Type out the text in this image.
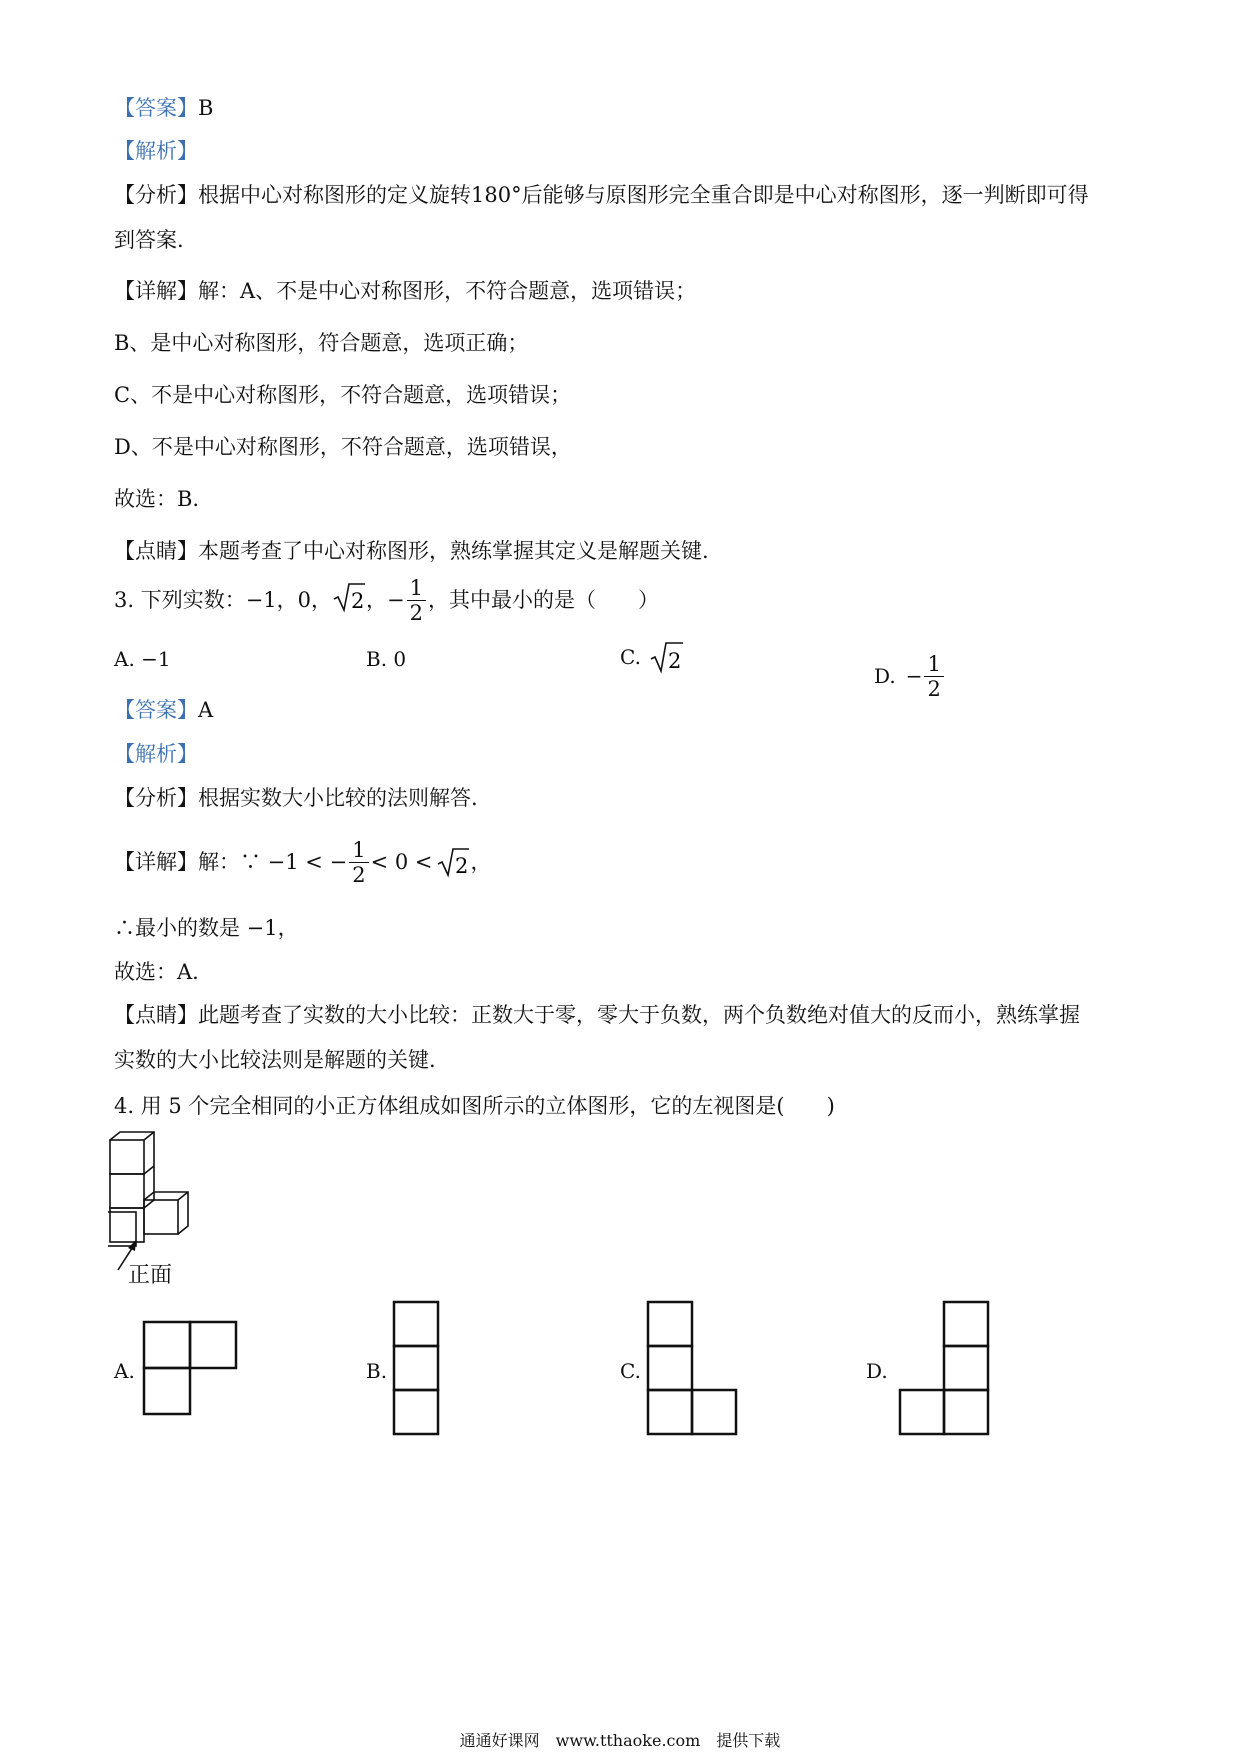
【答案】B
【解析】
【分析】根据中心对称图形的定义旋转180°后能够与原图形完全重合即是中心对称图形，逐一判断即可得
到答案.
【详解】解：A、不是中心对称图形，不符合题意，选项错误；
B、是中心对称图形，符合题意，选项正确；
C、不是中心对称图形，不符合题意，选项错误；
D、不是中心对称图形，不符合题意，选项错误，
故选：B.
【点睛】本题考查了中心对称图形，熟练掌握其定义是解题关键.
3. 下列实数：−1，0， 2 ，− $\frac{1}{2}$ ，其中最小的是（　　）
A. −1	B. 0	C. 2
D. − $\frac{1}{2}$
【答案】A
【解析】
【分析】根据实数大小比较的法则解答.
【详解】 解：∵ −1 < − $\frac{1}{2} < 0 < 2$ ，
∴最小的数是 −1，
故选：A.
【点睛】此题考查了实数的大小比较：正数大于零，零大于负数，两个负数绝对值大的反而小，熟练掌握
实数的大小比较法则是解题的关键.
4. 用 5 个完全相同的小正方体组成如图所示的立体图形，它的左视图是(　　)
正面
A.	B.	C.	D.
通通好课网　www.tthaoke.com　提供下载
